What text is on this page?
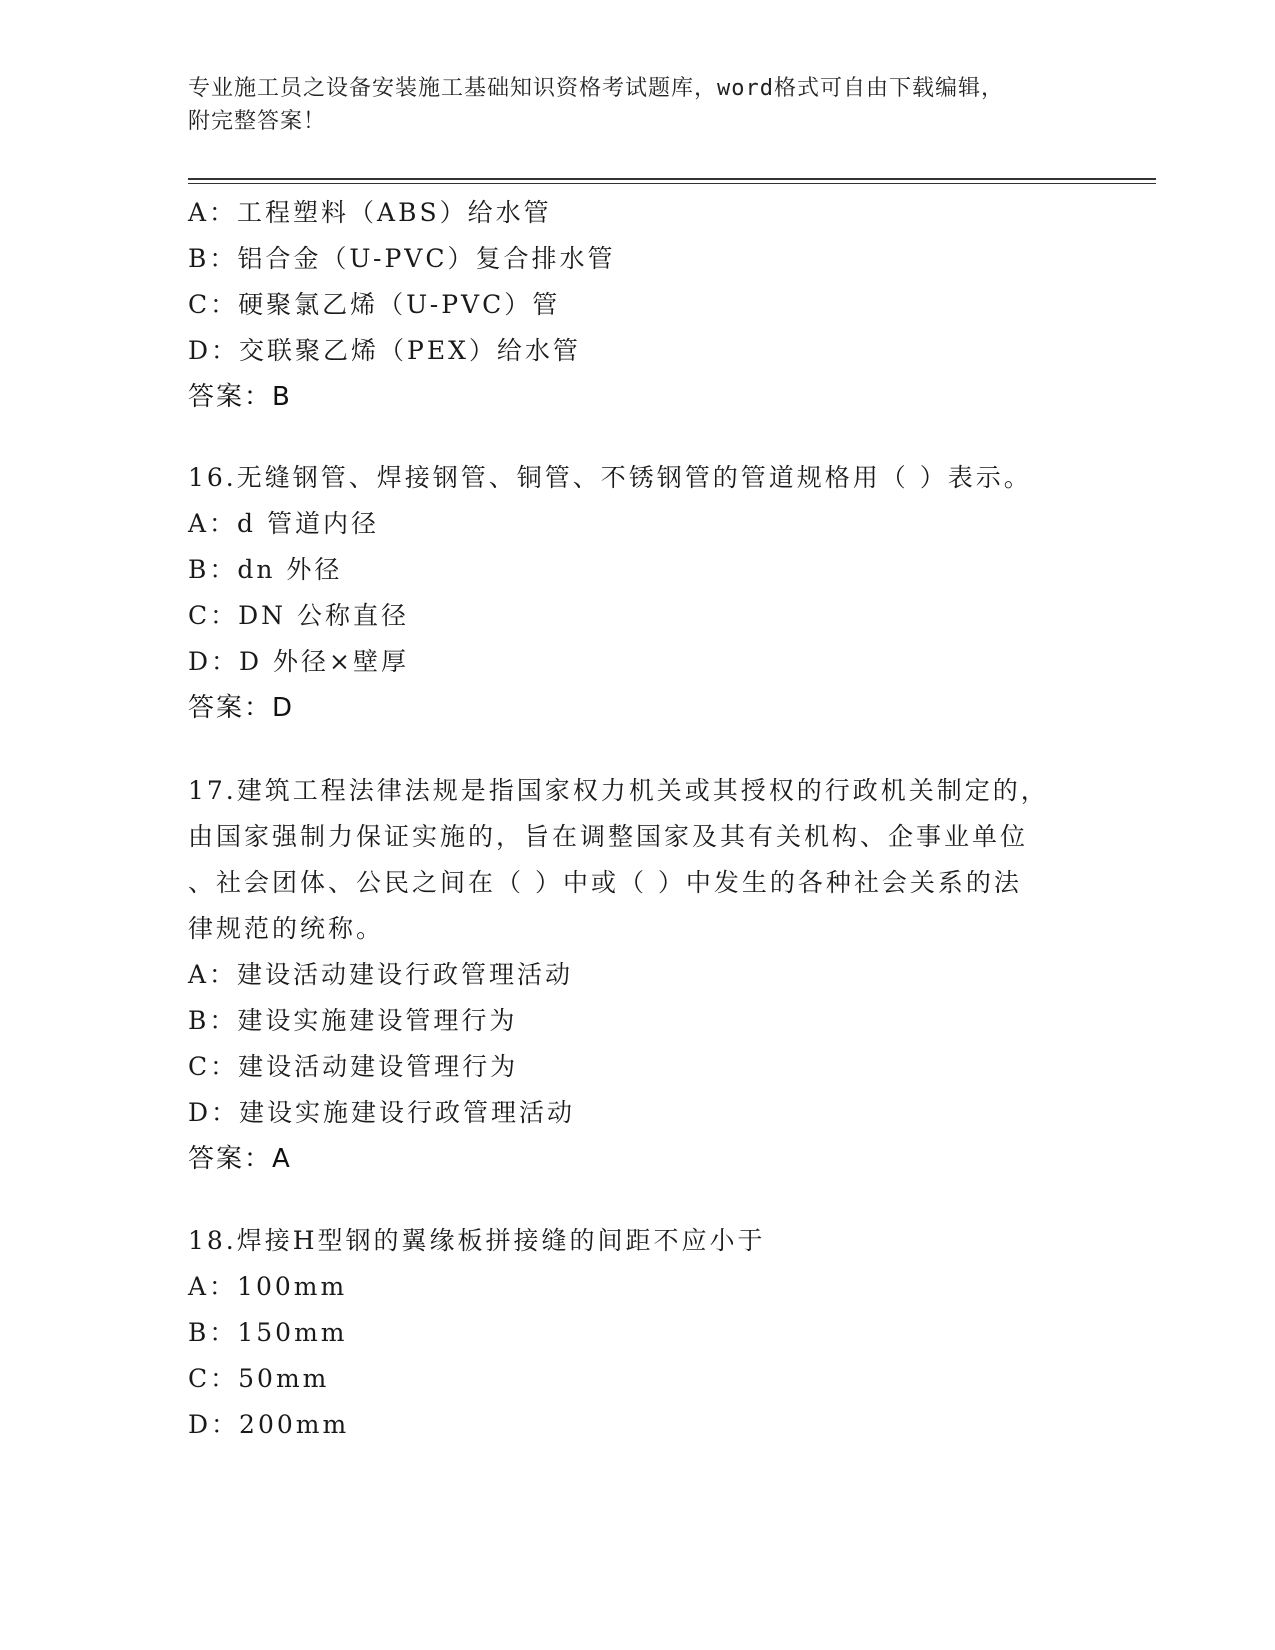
专业施工员之设备安装施工基础知识资格考试题库，word格式可自由下载编辑，
附完整答案！
A：工程塑料（ABS）给水管
B：铝合金（U-PVC）复合排水管
C：硬聚氯乙烯（U-PVC）管
D：交联聚乙烯（PEX）给水管
答案：B
16.无缝钢管、焊接钢管、铜管、不锈钢管的管道规格用（ ）表示。
A：d 管道内径
B：dn 外径
C：DN 公称直径
D：D 外径×壁厚
答案：D
17.建筑工程法律法规是指国家权力机关或其授权的行政机关制定的，
由国家强制力保证实施的，旨在调整国家及其有关机构、企事业单位
、社会团体、公民之间在（ ）中或（ ）中发生的各种社会关系的法
律规范的统称。
A：建设活动建设行政管理活动
B：建设实施建设管理行为
C：建设活动建设管理行为
D：建设实施建设行政管理活动
答案：A
18.焊接H型钢的翼缘板拼接缝的间距不应小于
A：100mm
B：150mm
C：50mm
D：200mm
